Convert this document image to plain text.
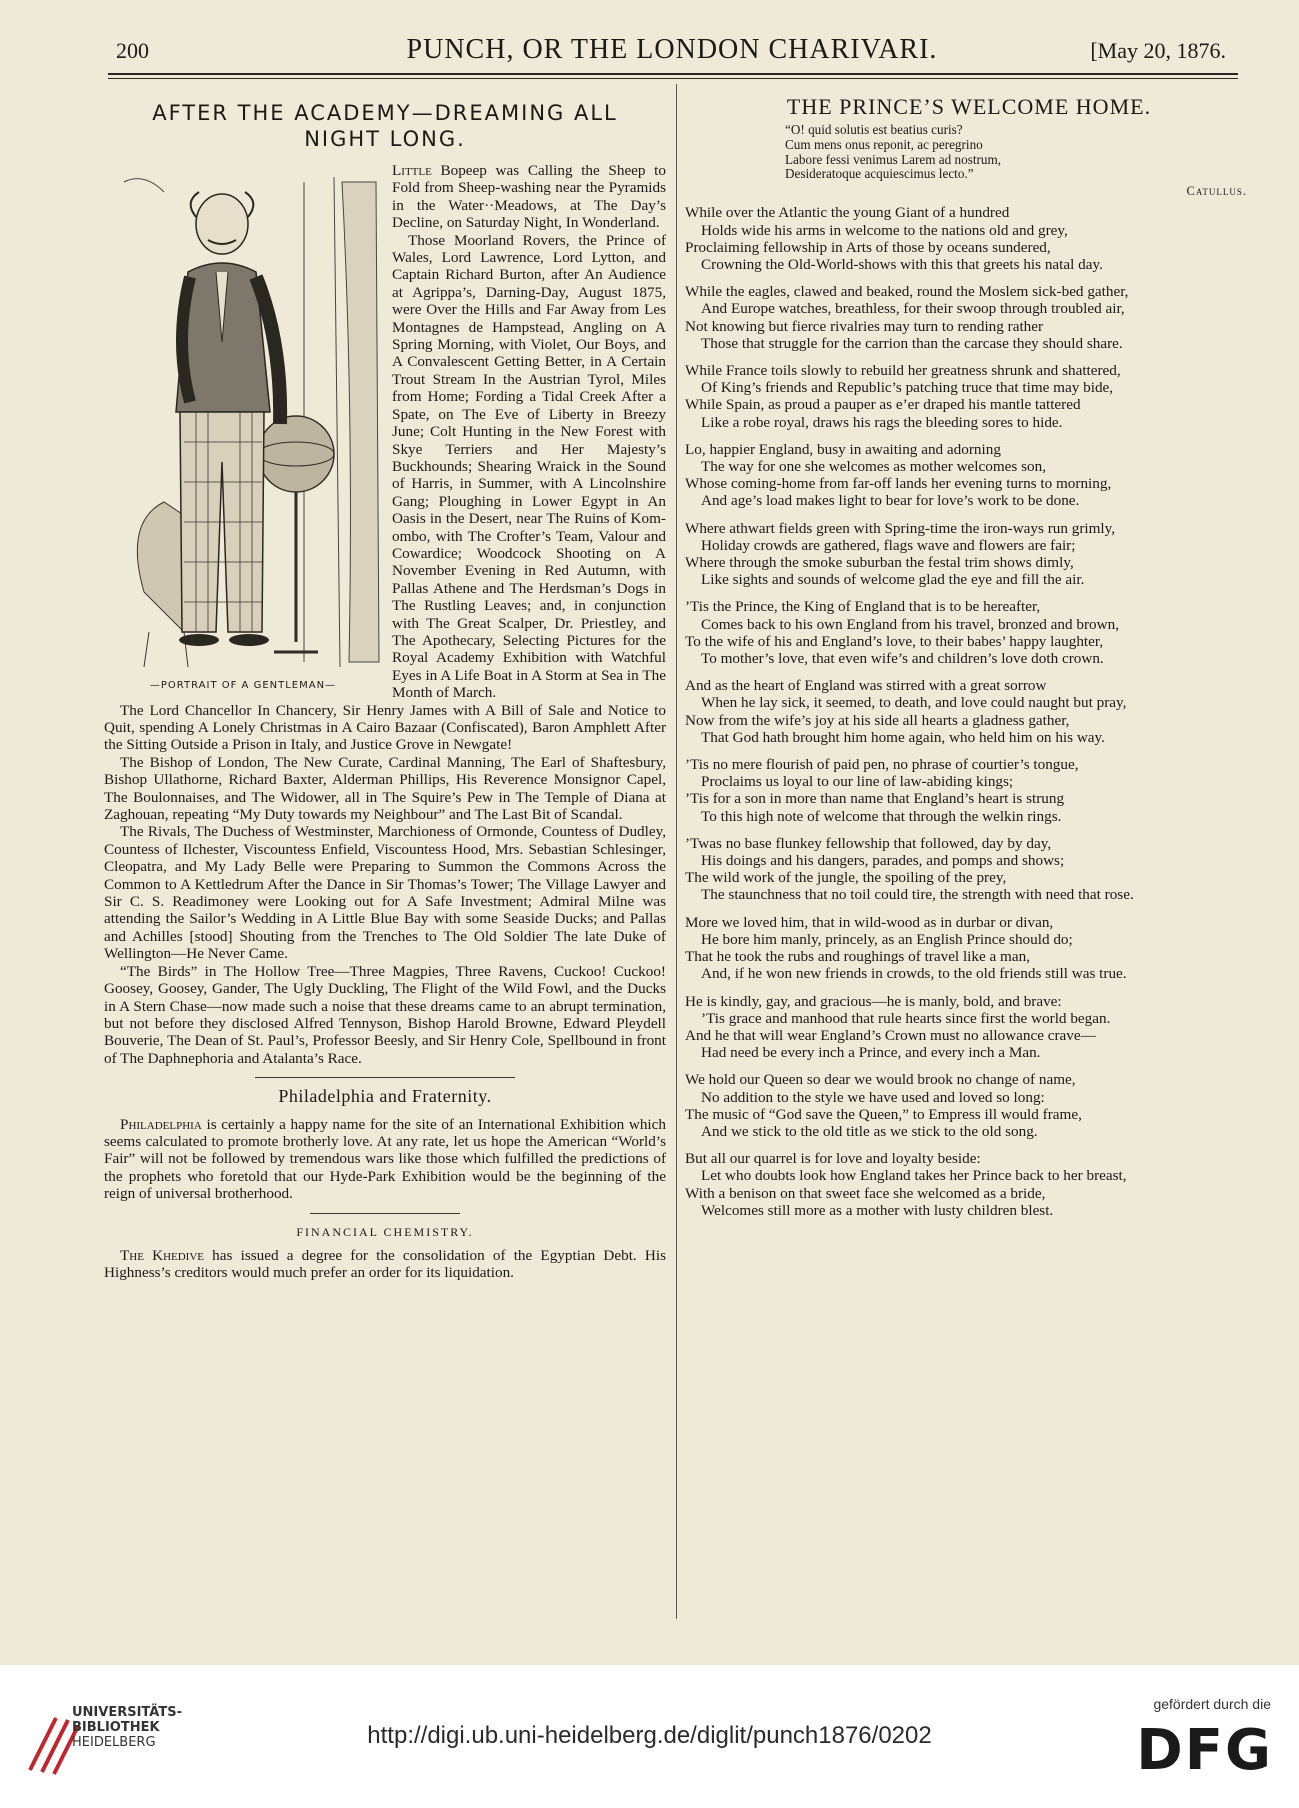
200	PUNCH, OR THE LONDON CHARIVARI.	[May 20, 1876.
AFTER THE ACADEMY—DREAMING ALL
NIGHT LONG.
—PORTRAIT OF A GENTLEMAN—

Little Bopeep was Calling the Sheep to Fold from Sheep-washing near the Pyramids in the Water··Meadows, at The Day’s Decline, on Saturday Night, In Wonderland.

Those Moorland Rovers, the Prince of Wales, Lord Lawrence, Lord Lytton, and Captain Richard Burton, after An Audience at Agrippa’s, Darning-Day, August 1875, were Over the Hills and Far Away from Les Montagnes de Hampstead, Angling on A Spring Morning, with Violet, Our Boys, and A Convalescent Getting Better, in A Certain Trout Stream In the Austrian Tyrol, Miles from Home; Fording a Tidal Creek After a Spate, on The Eve of Liberty in Breezy June; Colt Hunting in the New Forest with Skye Terriers and Her Majesty’s Buckhounds; Shearing Wraick in the Sound of Harris, in Summer, with A Lincolnshire Gang; Ploughing in Lower Egypt in An Oasis in the Desert, near The Ruins of Kom-ombo, with The Crofter’s Team, Valour and Cowardice; Woodcock Shooting on A November Evening in Red Autumn, with Pallas Athene and The Herdsman’s Dogs in The Rustling Leaves; and, in conjunction with The Great Scalper, Dr. Priestley, and The Apothecary, Selecting Pictures for the Royal Academy Exhibition with Watchful Eyes in A Life Boat in A Storm at Sea in The Month of March.

The Lord Chancellor In Chancery, Sir Henry James with A Bill of Sale and Notice to Quit, spending A Lonely Christmas in A Cairo Bazaar (Confiscated), Baron Amphlett After the Sitting Outside a Prison in Italy, and Justice Grove in Newgate!

The Bishop of London, The New Curate, Cardinal Manning, The Earl of Shaftesbury, Bishop Ullathorne, Richard Baxter, Alderman Phillips, His Reverence Monsignor Capel, The Boulonnaises, and The Widower, all in The Squire’s Pew in The Temple of Diana at Zaghouan, repeating “My Duty towards my Neighbour” and The Last Bit of Scandal.

The Rivals, The Duchess of Westminster, Marchioness of Ormonde, Countess of Dudley, Countess of Ilchester, Viscountess Enfield, Viscountess Hood, Mrs. Sebastian Schlesinger, Cleopatra, and My Lady Belle were Preparing to Summon the Commons Across the Common to A Kettledrum After the Dance in Sir Thomas’s Tower; The Village Lawyer and Sir C. S. Readimoney were Looking out for A Safe Investment; Admiral Milne was attending the Sailor’s Wedding in A Little Blue Bay with some Seaside Ducks; and Pallas and Achilles [stood] Shouting from the Trenches to The Old Soldier The late Duke of Wellington—He Never Came.

“The Birds” in The Hollow Tree—Three Magpies, Three Ravens, Cuckoo! Cuckoo! Goosey, Goosey, Gander, The Ugly Duckling, The Flight of the Wild Fowl, and the Ducks in A Stern Chase—now made such a noise that these dreams came to an abrupt termination, but not before they disclosed Alfred Tennyson, Bishop Harold Browne, Edward Pleydell Bouverie, The Dean of St. Paul’s, Professor Beesly, and Sir Henry Cole, Spellbound in front of The Daphnephoria and Atalanta’s Race.

Philadelphia and Fraternity.

Philadelphia is certainly a happy name for the site of an International Exhibition which seems calculated to promote brotherly love. At any rate, let us hope the American “World’s Fair” will not be followed by tremendous wars like those which fulfilled the predictions of the prophets who foretold that our Hyde-Park Exhibition would be the beginning of the reign of universal brotherhood.

FINANCIAL CHEMISTRY.

The Khedive has issued a degree for the consolidation of the Egyptian Debt. His Highness’s creditors would much prefer an order for its liquidation.

THE PRINCE’S WELCOME HOME.
“O! quid solutis est beatius curis?
Cum mens onus reponit, ac peregrino
Labore fessi venimus Larem ad nostrum,
Desideratoque acquiescimus lecto.”
Catullus.
While over the Atlantic the young Giant of a hundred
Holds wide his arms in welcome to the nations old and grey,
Proclaiming fellowship in Arts of those by oceans sundered,
Crowning the Old-World-shows with this that greets his natal day.
While the eagles, clawed and beaked, round the Moslem sick-bed gather,
And Europe watches, breathless, for their swoop through troubled air,
Not knowing but fierce rivalries may turn to rending rather
Those that struggle for the carrion than the carcase they should share.
While France toils slowly to rebuild her greatness shrunk and shattered,
Of King’s friends and Republic’s patching truce that time may bide,
While Spain, as proud a pauper as e’er draped his mantle tattered
Like a robe royal, draws his rags the bleeding sores to hide.
Lo, happier England, busy in awaiting and adorning
The way for one she welcomes as mother welcomes son,
Whose coming-home from far-off lands her evening turns to morning,
And age’s load makes light to bear for love’s work to be done.
Where athwart fields green with Spring-time the iron-ways run grimly,
Holiday crowds are gathered, flags wave and flowers are fair;
Where through the smoke suburban the festal trim shows dimly,
Like sights and sounds of welcome glad the eye and fill the air.
’Tis the Prince, the King of England that is to be hereafter,
Comes back to his own England from his travel, bronzed and brown,
To the wife of his and England’s love, to their babes’ happy laughter,
To mother’s love, that even wife’s and children’s love doth crown.
And as the heart of England was stirred with a great sorrow
When he lay sick, it seemed, to death, and love could naught but pray,
Now from the wife’s joy at his side all hearts a gladness gather,
That God hath brought him home again, who held him on his way.
’Tis no mere flourish of paid pen, no phrase of courtier’s tongue,
Proclaims us loyal to our line of law-abiding kings;
’Tis for a son in more than name that England’s heart is strung
To this high note of welcome that through the welkin rings.
’Twas no base flunkey fellowship that followed, day by day,
His doings and his dangers, parades, and pomps and shows;
The wild work of the jungle, the spoiling of the prey,
The staunchness that no toil could tire, the strength with need that rose.
More we loved him, that in wild-wood as in durbar or divan,
He bore him manly, princely, as an English Prince should do;
That he took the rubs and roughings of travel like a man,
And, if he won new friends in crowds, to the old friends still was true.
He is kindly, gay, and gracious—he is manly, bold, and brave:
’Tis grace and manhood that rule hearts since first the world began.
And he that will wear England’s Crown must no allowance crave—
Had need be every inch a Prince, and every inch a Man.
We hold our Queen so dear we would brook no change of name,
No addition to the style we have used and loved so long:
The music of “God save the Queen,” to Empress ill would frame,
And we stick to the old title as we stick to the old song.
But all our quarrel is for love and loyalty beside:
Let who doubts look how England takes her Prince back to her breast,
With a benison on that sweet face she welcomed as a bride,
Welcomes still more as a mother with lusty children blest.
UNIVERSITÄTS-
BIBLIOTHEK
HEIDELBERG	http://digi.ub.uni-heidelberg.de/diglit/punch1876/0202
gefördert durch die
DFG
